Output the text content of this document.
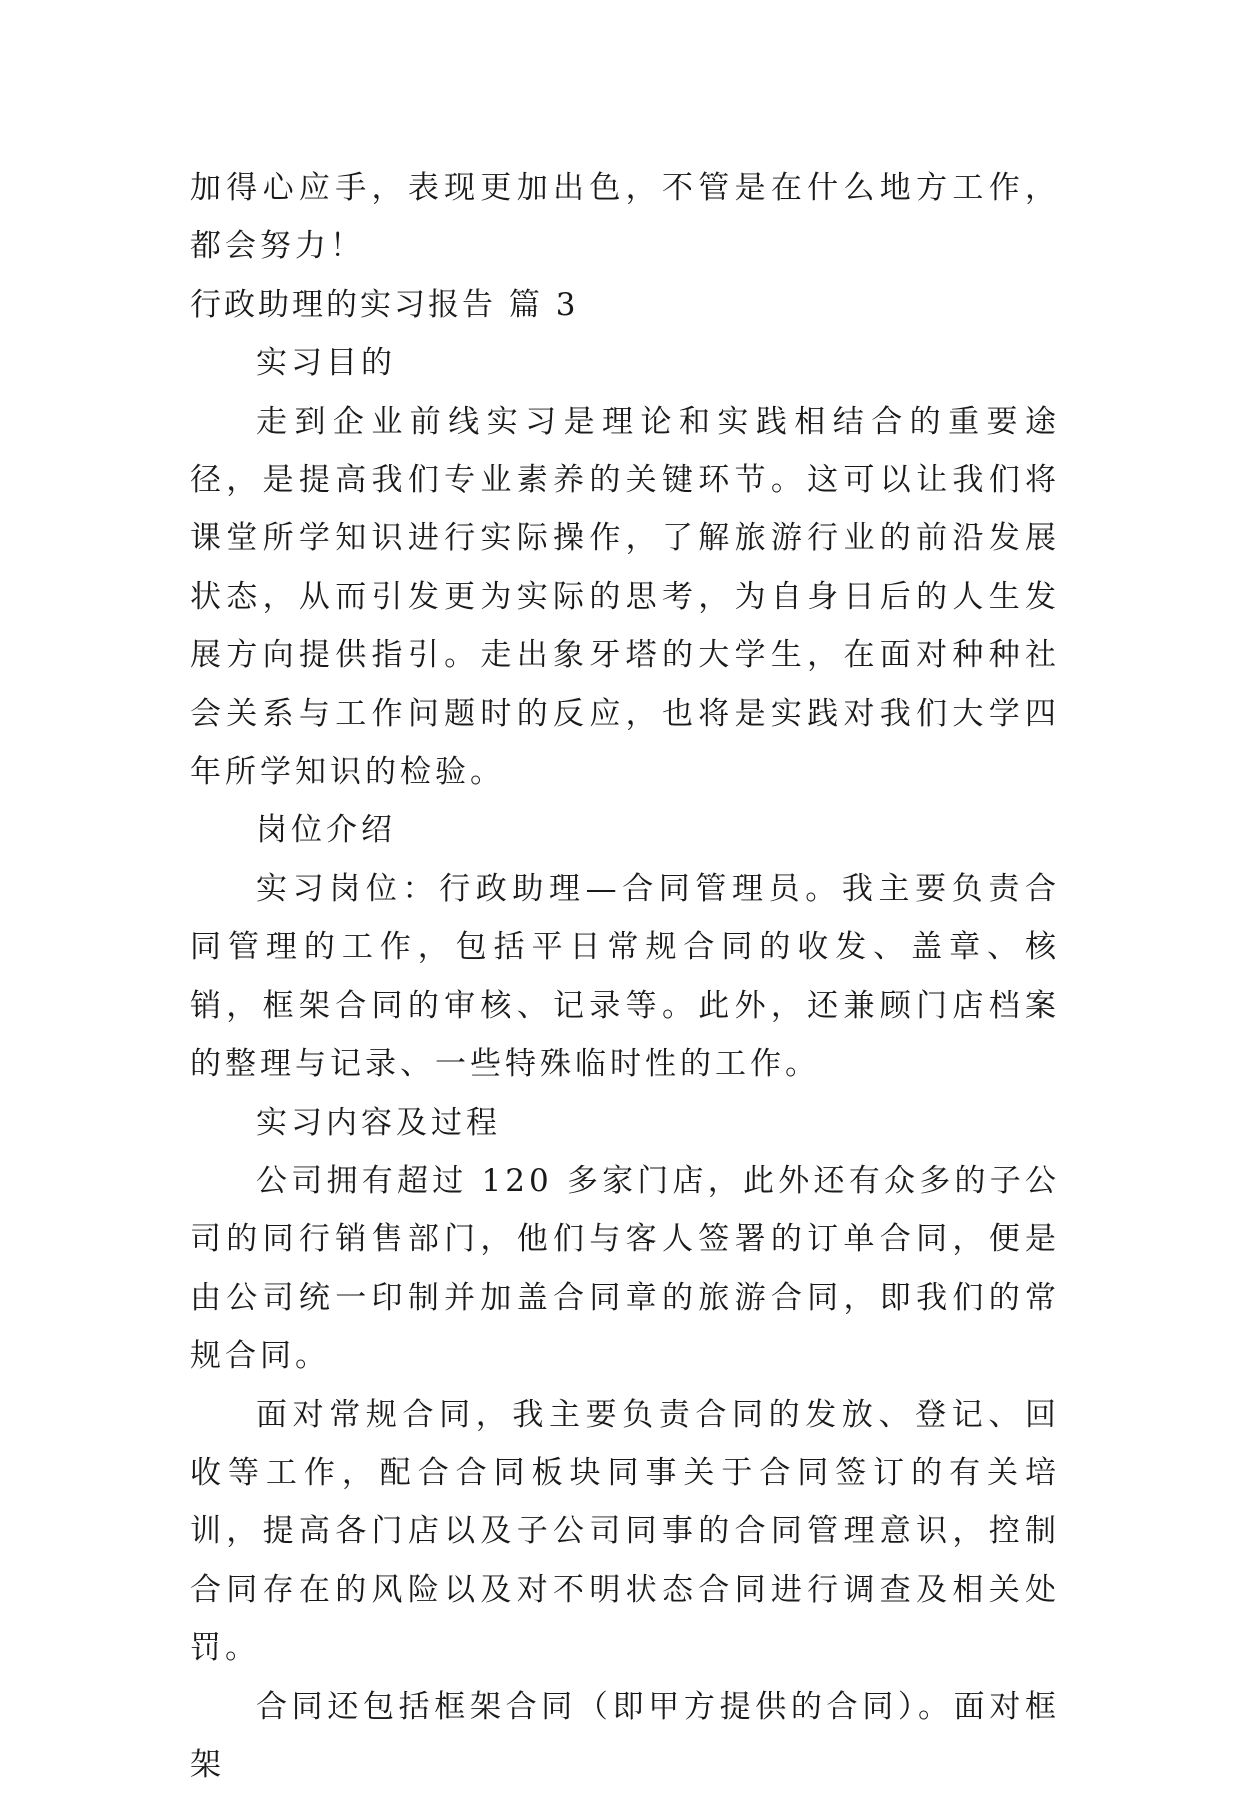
加得心应手，表现更加出色，不管是在什么地方工作，都会努力！

行政助理的实习报告 篇 3

实习目的

走到企业前线实习是理论和实践相结合的重要途径，是提高我们专业素养的关键环节。这可以让我们将课堂所学知识进行实际操作，了解旅游行业的前沿发展状态，从而引发更为实际的思考，为自身日后的人生发展方向提供指引。走出象牙塔的大学生，在面对种种社会关系与工作问题时的反应，也将是实践对我们大学四年所学知识的检验。

岗位介绍

实习岗位：行政助理—合同管理员。我主要负责合同管理的工作，包括平日常规合同的收发、盖章、核销，框架合同的审核、记录等。此外，还兼顾门店档案的整理与记录、一些特殊临时性的工作。

实习内容及过程

公司拥有超过 120 多家门店，此外还有众多的子公司的同行销售部门，他们与客人签署的订单合同，便是由公司统一印制并加盖合同章的旅游合同，即我们的常规合同。

面对常规合同，我主要负责合同的发放、登记、回收等工作，配合合同板块同事关于合同签订的有关培训，提高各门店以及子公司同事的合同管理意识，控制合同存在的风险以及对不明状态合同进行调查及相关处罚。

合同还包括框架合同（即甲方提供的合同）。面对框架
